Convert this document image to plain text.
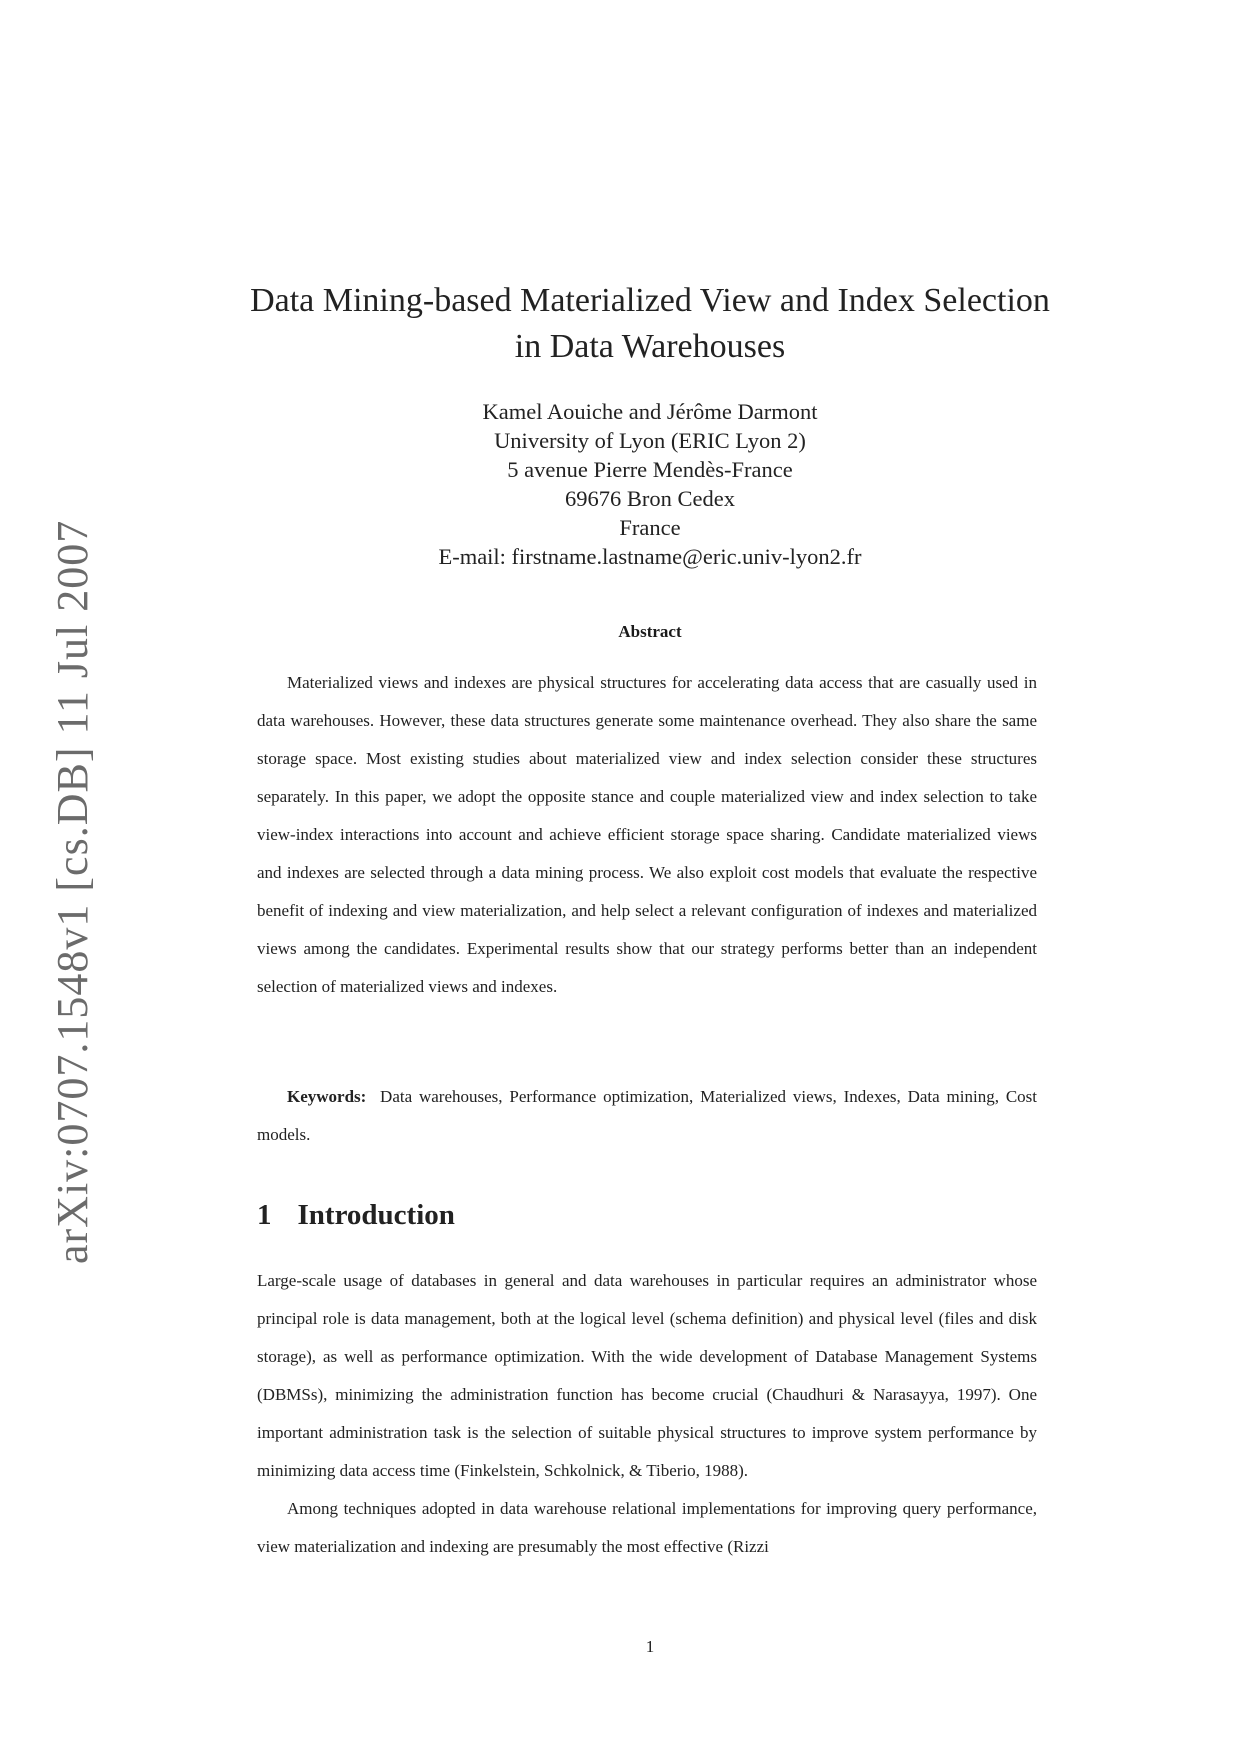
arXiv:0707.1548v1 [cs.DB] 11 Jul 2007
Data Mining-based Materialized View and Index Selection
in Data Warehouses
Kamel Aouiche and Jérôme Darmont
University of Lyon (ERIC Lyon 2)
5 avenue Pierre Mendès-France
69676 Bron Cedex
France
E-mail: firstname.lastname@eric.univ-lyon2.fr
Abstract

Materialized views and indexes are physical structures for accelerating data access that are casually used in data warehouses. However, these data structures generate some maintenance overhead. They also share the same storage space. Most existing studies about materialized view and index selection consider these structures separately. In this paper, we adopt the opposite stance and couple materialized view and index selection to take view-index interactions into account and achieve efficient storage space sharing. Candidate materialized views and indexes are selected through a data mining process. We also exploit cost models that evaluate the respective benefit of indexing and view materialization, and help select a relevant configuration of indexes and materialized views among the candidates. Experimental results show that our strategy performs better than an independent selection of materialized views and indexes.

Keywords: Data warehouses, Performance optimization, Materialized views, Indexes, Data mining, Cost models.

1 Introduction

Large-scale usage of databases in general and data warehouses in particular requires an administrator whose principal role is data management, both at the logical level (schema definition) and physical level (files and disk storage), as well as performance optimization. With the wide development of Database Management Systems (DBMSs), minimizing the administration function has become crucial (Chaudhuri & Narasayya, 1997). One important administration task is the selection of suitable physical structures to improve system performance by minimizing data access time (Finkelstein, Schkolnick, & Tiberio, 1988).

Among techniques adopted in data warehouse relational implementations for improving query performance, view materialization and indexing are presumably the most effective (Rizzi

1
